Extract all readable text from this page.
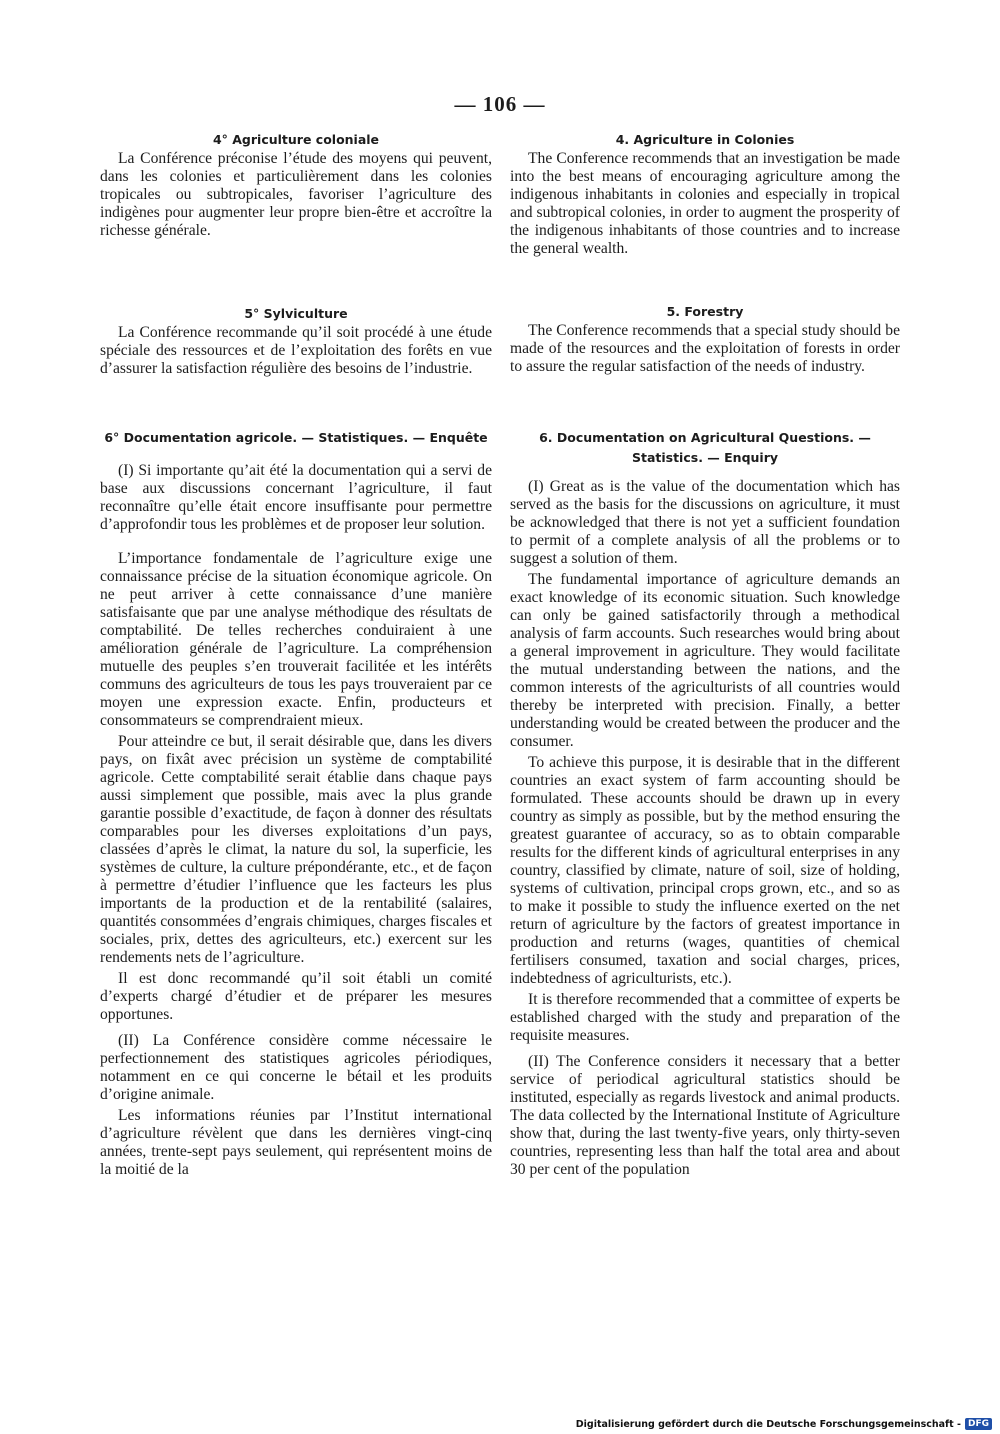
— 106 —
4° Agriculture coloniale

La Conférence préconise l’étude des moyens qui peuvent, dans les colonies et particulièrement dans les colonies tropicales ou subtropicales, favoriser l’agriculture des indigènes pour augmenter leur propre bien-être et accroître la richesse générale.

5° Sylviculture

La Conférence recommande qu’il soit procédé à une étude spéciale des ressources et de l’exploitation des forêts en vue d’assurer la satisfaction régulière des besoins de l’industrie.

6° Documentation agricole. — Statistiques. — Enquête

(I) Si importante qu’ait été la documentation qui a servi de base aux discussions concernant l’agriculture, il faut reconnaître qu’elle était encore insuffisante pour permettre d’approfondir tous les problèmes et de proposer leur solution.

L’importance fondamentale de l’agriculture exige une connaissance précise de la situation économique agricole. On ne peut arriver à cette connaissance d’une manière satisfaisante que par une analyse méthodique des résultats de comptabilité. De telles recherches conduiraient à une amélioration générale de l’agriculture. La compréhension mutuelle des peuples s’en trouverait facilitée et les intérêts communs des agriculteurs de tous les pays trouveraient par ce moyen une expression exacte. Enfin, producteurs et consommateurs se comprendraient mieux.

Pour atteindre ce but, il serait désirable que, dans les divers pays, on fixât avec précision un système de comptabilité agricole. Cette comptabilité serait établie dans chaque pays aussi simplement que possible, mais avec la plus grande garantie possible d’exactitude, de façon à donner des résultats comparables pour les diverses exploitations d’un pays, classées d’après le climat, la nature du sol, la superficie, les systèmes de culture, la culture prépondérante, etc., et de façon à permettre d’étudier l’influence que les facteurs les plus importants de la production et de la rentabilité (salaires, quantités consommées d’engrais chimiques, charges fiscales et sociales, prix, dettes des agriculteurs, etc.) exercent sur les rendements nets de l’agriculture.

Il est donc recommandé qu’il soit établi un comité d’experts chargé d’étudier et de préparer les mesures opportunes.

(II) La Conférence considère comme nécessaire le perfectionnement des statistiques agricoles périodiques, notamment en ce qui concerne le bétail et les produits d’origine animale.

Les informations réunies par l’Institut international d’agriculture révèlent que dans les dernières vingt-cinq années, trente-sept pays seulement, qui représentent moins de la moitié de la

4. Agriculture in Colonies

The Conference recommends that an investigation be made into the best means of encouraging agriculture among the indigenous inhabitants in colonies and especially in tropical and subtropical colonies, in order to augment the prosperity of the indigenous inhabitants of those countries and to increase the general wealth.

5. Forestry

The Conference recommends that a special study should be made of the resources and the exploitation of forests in order to assure the regular satisfaction of the needs of industry.

6. Documentation on Agricultural Questions. — Statistics. — Enquiry

(I) Great as is the value of the documentation which has served as the basis for the discussions on agriculture, it must be acknowledged that there is not yet a sufficient foundation to permit of a complete analysis of all the problems or to suggest a solution of them.

The fundamental importance of agriculture demands an exact knowledge of its economic situation. Such knowledge can only be gained satisfactorily through a methodical analysis of farm accounts. Such researches would bring about a general improvement in agriculture. They would facilitate the mutual understanding between the nations, and the common interests of the agriculturists of all countries would thereby be interpreted with precision. Finally, a better understanding would be created between the producer and the consumer.

To achieve this purpose, it is desirable that in the different countries an exact system of farm accounting should be formulated. These accounts should be drawn up in every country as simply as possible, but by the method ensuring the greatest guarantee of accuracy, so as to obtain comparable results for the different kinds of agricultural enterprises in any country, classified by climate, nature of soil, size of holding, systems of cultivation, principal crops grown, etc., and so as to make it possible to study the influence exerted on the net return of agriculture by the factors of greatest importance in production and returns (wages, quantities of chemical fertilisers consumed, taxation and social charges, prices, indebtedness of agriculturists, etc.).

It is therefore recommended that a committee of experts be established charged with the study and preparation of the requisite measures.

(II) The Conference considers it necessary that a better service of periodical agricultural statistics should be instituted, especially as regards livestock and animal products. The data collected by the International Institute of Agriculture show that, during the last twenty-five years, only thirty-seven countries, representing less than half the total area and about 30 per cent of the population

Digitalisierung gefördert durch die Deutsche Forschungsgemeinschaft - DFG
